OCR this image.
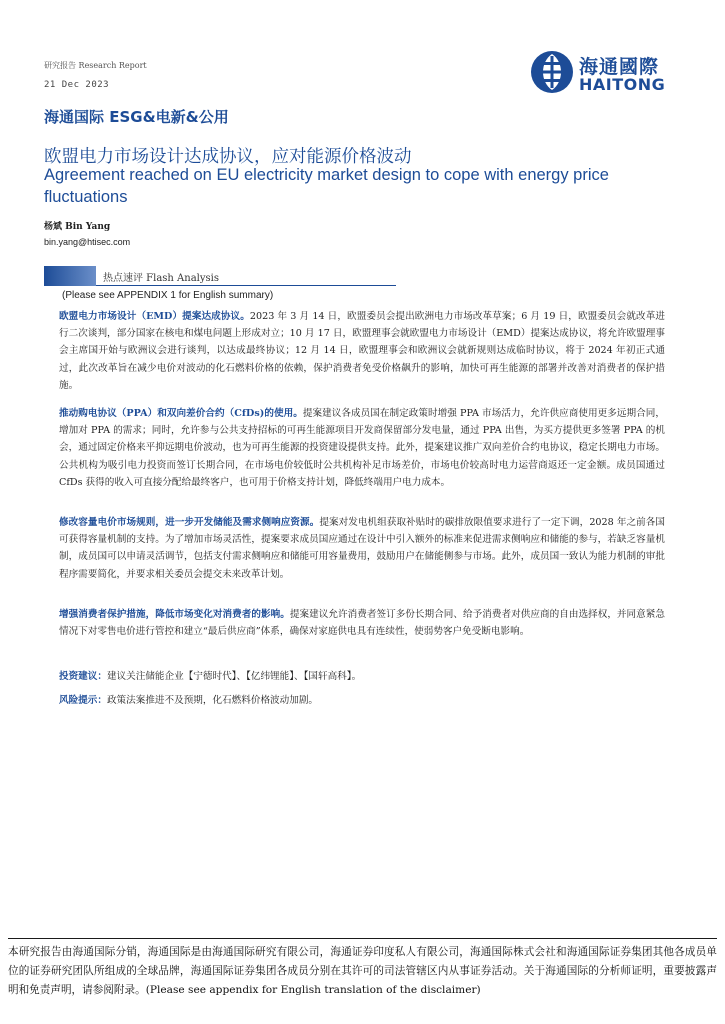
研究报告 Research Report
21 Dec 2023
海通國際
HAITONG
海通国际 ESG&电新&公用
欧盟电力市场设计达成协议，应对能源价格波动
Agreement reached on EU electricity market design to cope with energy price fluctuations
杨斌 Bin Yang
bin.yang@htisec.com
热点速评 Flash Analysis
(Please see APPENDIX 1 for English summary)
欧盟电力市场设计（EMD）提案达成协议。2023 年 3 月 14 日，欧盟委员会提出欧洲电力市场改革草案；6 月 19 日，欧盟委员会就改革进行二次谈判，部分国家在核电和煤电问题上形成对立；10 月 17 日，欧盟理事会就欧盟电力市场设计（EMD）提案达成协议，将允许欧盟理事会主席国开始与欧洲议会进行谈判，以达成最终协议；12 月 14 日，欧盟理事会和欧洲议会就新规则达成临时协议，将于 2024 年初正式通过，此次改革旨在减少电价对波动的化石燃料价格的依赖，保护消费者免受价格飙升的影响，加快可再生能源的部署并改善对消费者的保护措施。
推动购电协议（PPA）和双向差价合约（CfDs)的使用。提案建议各成员国在制定政策时增强 PPA 市场活力，允许供应商使用更多远期合同，增加对 PPA 的需求；同时，允许参与公共支持招标的可再生能源项目开发商保留部分发电量，通过 PPA 出售，为买方提供更多签署 PPA 的机会，通过固定价格来平抑远期电价波动，也为可再生能源的投资建设提供支持。此外，提案建议推广双向差价合约电协议，稳定长期电力市场。公共机构为吸引电力投资而签订长期合同，在市场电价较低时公共机构补足市场差价，市场电价较高时电力运营商返还一定金额。成员国通过 CfDs 获得的收入可直接分配给最终客户，也可用于价格支持计划，降低终端用户电力成本。
修改容量电价市场规则，进一步开发储能及需求侧响应资源。提案对发电机组获取补贴时的碳排放限值要求进行了一定下调，2028 年之前各国可获得容量机制的支持。为了增加市场灵活性，提案要求成员国应通过在设计中引入额外的标准来促进需求侧响应和储能的参与，若缺乏容量机制，成员国可以申请灵活调节，包括支付需求侧响应和储能可用容量费用，鼓励用户在储能侧参与市场。此外，成员国一致认为能力机制的审批程序需要简化，并要求相关委员会提交未来改革计划。
增强消费者保护措施，降低市场变化对消费者的影响。提案建议允许消费者签订多份长期合同、给予消费者对供应商的自由选择权，并同意紧急情况下对零售电价进行管控和建立“最后供应商”体系，确保对家庭供电具有连续性，使弱势客户免受断电影响。
投资建议：建议关注储能企业【宁德时代】、【亿纬锂能】、【国轩高科】。
风险提示：政策法案推进不及预期，化石燃料价格波动加剧。
本研究报告由海通国际分销，海通国际是由海通国际研究有限公司，海通证券印度私人有限公司，海通国际株式会社和海通国际证券集团其他各成员单位的证券研究团队所组成的全球品牌，海通国际证券集团各成员分别在其许可的司法管辖区内从事证券活动。关于海通国际的分析师证明，重要披露声明和免责声明，请参阅附录。(Please see appendix for English translation of the disclaimer)
